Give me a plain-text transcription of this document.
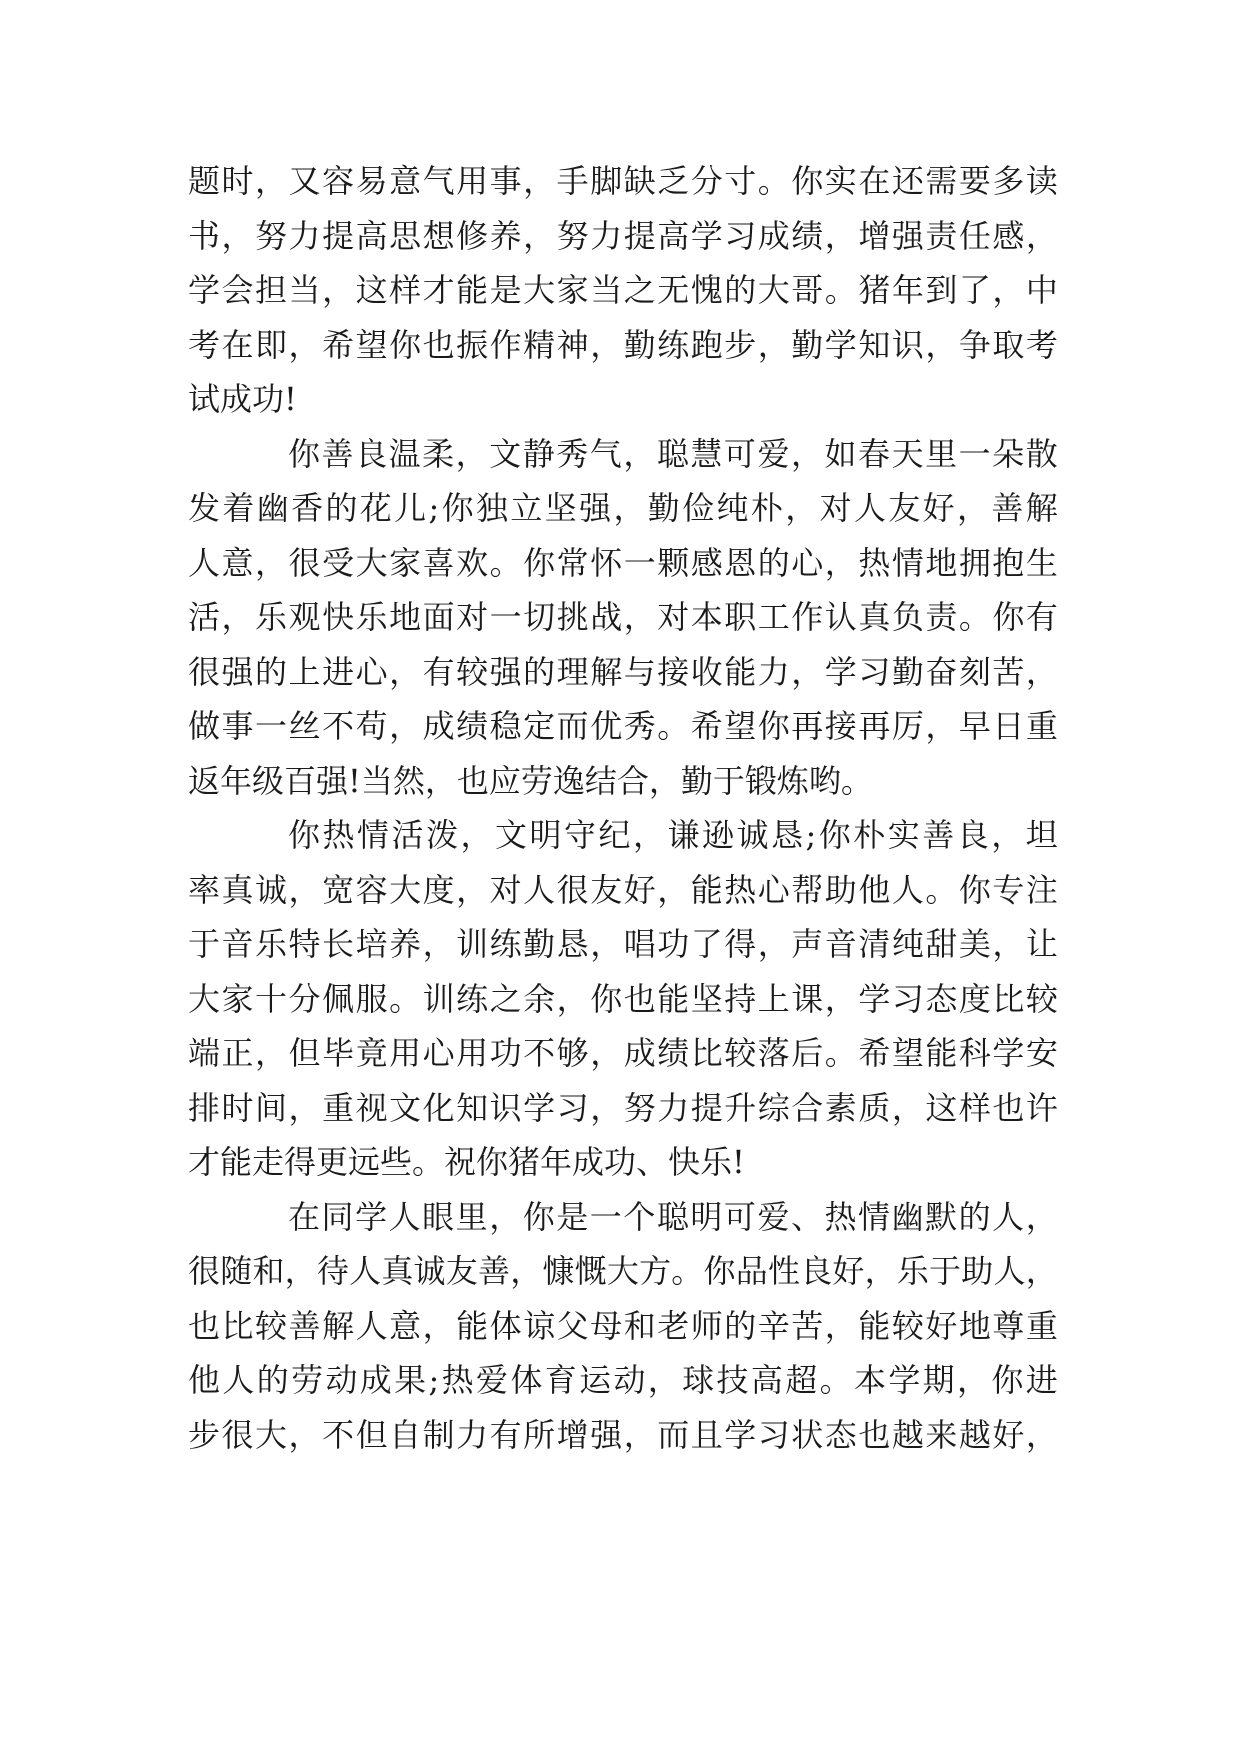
题 时 ， 又 容 易 意 气 用 事 ， 手 脚 缺 乏 分 寸 。 你 实 在 还 需 要 多 读
书 ， 努 力 提 高 思 想 修 养 ， 努 力 提 高 学 习 成 绩 ， 增 强 责 任 感 ，
学 会 担 当 ， 这 样 才 能 是 大 家 当 之 无 愧 的 大 哥 。 猪 年 到 了 ， 中
考 在 即 ， 希 望 你 也 振 作 精 神 ， 勤 练 跑 步 ， 勤 学 知 识 ， 争 取 考
试成功!
你 善 良 温 柔 ， 文 静 秀 气 ， 聪 慧 可 爱 ， 如 春 天 里 一 朵 散
发 着 幽 香 的 花 儿 ; 你 独 立 坚 强 ， 勤 俭 纯 朴 ， 对 人 友 好 ， 善 解
人 意 ， 很 受 大 家 喜 欢 。 你 常 怀 一 颗 感 恩 的 心 ， 热 情 地 拥 抱 生
活 ， 乐 观 快 乐 地 面 对 一 切 挑 战 ， 对 本 职 工 作 认 真 负 责 。 你 有
很 强 的 上 进 心 ， 有 较 强 的 理 解 与 接 收 能 力 ， 学 习 勤 奋 刻 苦 ，
做 事 一 丝 不 苟 ， 成 绩 稳 定 而 优 秀 。 希 望 你 再 接 再 厉 ， 早 日 重
返年级百强!当然，也应劳逸结合，勤于锻炼哟。
你 热 情 活 泼 ， 文 明 守 纪 ， 谦 逊 诚 恳 ; 你 朴 实 善 良 ， 坦
率 真 诚 ， 宽 容 大 度 ， 对 人 很 友 好 ， 能 热 心 帮 助 他 人 。 你 专 注
于 音 乐 特 长 培 养 ， 训 练 勤 恳 ， 唱 功 了 得 ， 声 音 清 纯 甜 美 ， 让
大 家 十 分 佩 服 。 训 练 之 余 ， 你 也 能 坚 持 上 课 ， 学 习 态 度 比 较
端 正 ， 但 毕 竟 用 心 用 功 不 够 ， 成 绩 比 较 落 后 。 希 望 能 科 学 安
排 时 间 ， 重 视 文 化 知 识 学 习 ， 努 力 提 升 综 合 素 质 ， 这 样 也 许
才能走得更远些。祝你猪年成功、快乐!
在 同 学 人 眼 里 ， 你 是 一 个 聪 明 可 爱 、 热 情 幽 默 的 人 ，
很 随 和 ， 待 人 真 诚 友 善 ， 慷 慨 大 方 。 你 品 性 良 好 ， 乐 于 助 人 ，
也 比 较 善 解 人 意 ， 能 体 谅 父 母 和 老 师 的 辛 苦 ， 能 较 好 地 尊 重
他 人 的 劳 动 成 果 ; 热 爱 体 育 运 动 ， 球 技 高 超 。 本 学 期 ， 你 进
步 很 大 ， 不 但 自 制 力 有 所 增 强 ， 而 且 学 习 状 态 也 越 来 越 好 ，
